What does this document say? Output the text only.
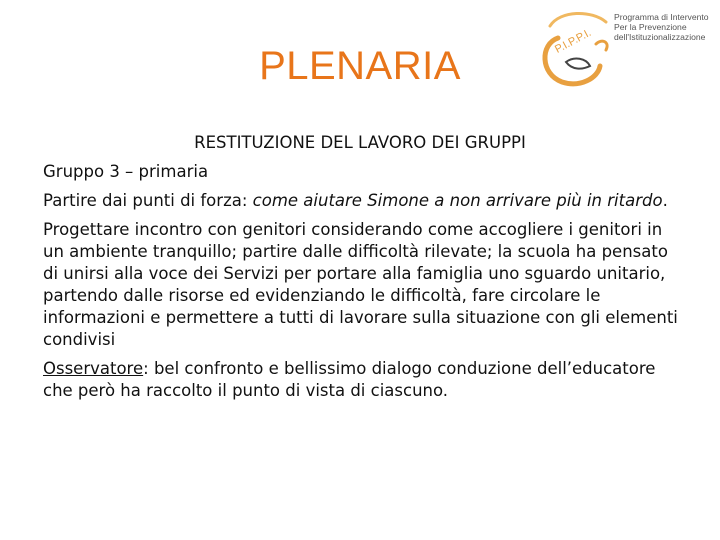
PLENARIA
P.I.P.P.I.
Programma di Intervento
Per la Prevenzione
dell'Istituzionalizzazione
RESTITUZIONE DEL LAVORO DEI GRUPPI

Gruppo 3 – primaria

Partire dai punti di forza: come aiutare Simone a non arrivare più in ritardo.

Progettare incontro con genitori considerando come accogliere i genitori in un ambiente tranquillo; partire dalle difficoltà rilevate; la scuola ha pensato di unirsi alla voce dei Servizi per portare alla famiglia uno sguardo unitario, partendo dalle risorse ed evidenziando le difficoltà, fare circolare le informazioni e permettere a tutti di lavorare sulla situazione con gli elementi condivisi

Osservatore: bel confronto e bellissimo dialogo conduzione dell’educatore che però ha raccolto il punto di vista di ciascuno.
